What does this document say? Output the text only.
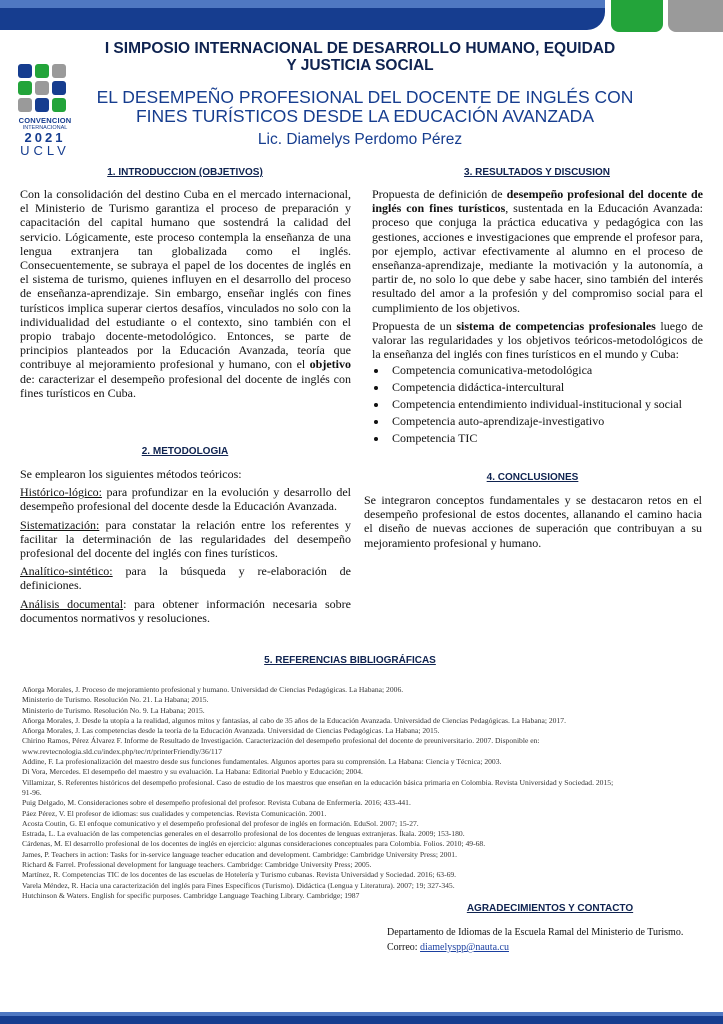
CONVENCION
INTERNACIONAL
2021
UCLV
I SIMPOSIO INTERNACIONAL DE DESARROLLO HUMANO, EQUIDAD Y JUSTICIA SOCIAL
EL DESEMPEÑO PROFESIONAL DEL DOCENTE DE INGLÉS CON FINES TURÍSTICOS DESDE LA EDUCACIÓN AVANZADA
Lic. Diamelys Perdomo Pérez
1. INTRODUCCION (OBJETIVOS)

Con la consolidación del destino Cuba en el mercado internacional, el Ministerio de Turismo garantiza el proceso de preparación y capacitación del capital humano que sostendrá la calidad del servicio. Lógicamente, este proceso contempla la enseñanza de una lengua extranjera tan globalizada como el inglés. Consecuentemente, se subraya el papel de los docentes de inglés en el sistema de turismo, quienes influyen en el desarrollo del proceso de enseñanza-aprendizaje. Sin embargo, enseñar inglés con fines turísticos implica superar ciertos desafíos, vinculados no solo con la individualidad del estudiante o el contexto, sino también con el propio trabajo docente-metodológico. Entonces, se parte de principios planteados por la Educación Avanzada, teoría que contribuye al mejoramiento profesional y humano, con el objetivo de: caracterizar el desempeño profesional del docente de inglés con fines turísticos en Cuba.

2. METODOLOGIA

Se emplearon los siguientes métodos teóricos:

Histórico-lógico: para profundizar en la evolución y desarrollo del desempeño profesional del docente desde la Educación Avanzada.

Sistematización: para constatar la relación entre los referentes y facilitar la determinación de las regularidades del desempeño profesional del docente del inglés con fines turísticos.

Analítico-sintético: para la búsqueda y re-elaboración de definiciones.

Análisis documental: para obtener información necesaria sobre documentos normativos y resoluciones.

3. RESULTADOS Y DISCUSION

Propuesta de definición de desempeño profesional del docente de inglés con fines turísticos, sustentada en la Educación Avanzada: proceso que conjuga la práctica educativa y pedagógica con las gestiones, acciones e investigaciones que emprende el profesor para, por ejemplo, activar efectivamente al alumno en el proceso de enseñanza-aprendizaje, mediante la motivación y la autonomía, a partir de, no solo lo que debe y sabe hacer, sino también del interés resultado del amor a la profesión y del compromiso social para el cumplimiento de los objetivos.

Propuesta de un sistema de competencias profesionales luego de valorar las regularidades y los objetivos teóricos-metodológicos de la enseñanza del inglés con fines turísticos en el mundo y Cuba:

• Competencia comunicativa-metodológica
• Competencia didáctica-intercultural
• Competencia entendimiento individual-institucional y social
• Competencia auto-aprendizaje-investigativo
• Competencia TIC
4. CONCLUSIONES
Se integraron conceptos fundamentales y se destacaron retos en el desempeño profesional de estos docentes, allanando el camino hacia el diseño de nuevas acciones de superación que contribuyan a su mejoramiento profesional y humano.
5. REFERENCIAS BIBLIOGRÁFICAS
Añorga Morales, J. Proceso de mejoramiento profesional y humano. Universidad de Ciencias Pedagógicas. La Habana; 2006.
Ministerio de Turismo. Resolución No. 21. La Habana; 2015.
Ministerio de Turismo. Resolución No. 9. La Habana; 2015.
Añorga Morales, J. Desde la utopía a la realidad, algunos mitos y fantasías, al cabo de 35 años de la Educación Avanzada. Universidad de Ciencias Pedagógicas. La Habana; 2017.
Añorga Morales, J. Las competencias desde la teoría de la Educación Avanzada. Universidad de Ciencias Pedagógicas. La Habana; 2015.
Chirino Ramos, Pérez Álvarez F. Informe de Resultado de Investigación. Caracterización del desempeño profesional del docente de preuniversitario. 2007. Disponible en:
www.revtecnologia.sld.cu/index.php/tec/rt/printerFriendly/36/117
Addine, F. La profesionalización del maestro desde sus funciones fundamentales. Algunos aportes para su comprensión. La Habana: Ciencia y Técnica; 2003.
Di Vora, Mercedes. El desempeño del maestro y su evaluación. La Habana: Editorial Pueblo y Educación; 2004.
Villamizar, S. Referentes históricos del desempeño profesional. Caso de estudio de los maestros que enseñan en la educación básica primaria en Colombia. Revista Universidad y Sociedad. 2015;
91-96.
Puig Delgado, M. Consideraciones sobre el desempeño profesional del profesor. Revista Cubana de Enfermería. 2016; 433-441.
Páez Pérez, V. El profesor de idiomas: sus cualidades y competencias. Revista Comunicación. 2001.
Acosta Coutin, G. El enfoque comunicativo y el desempeño profesional del profesor de inglés en formación. EduSol. 2007; 15-27.
Estrada, L. La evaluación de las competencias generales en el desarrollo profesional de los docentes de lenguas extranjeras. Íkala. 2009; 153-180.
Cárdenas, M. El desarrollo profesional de los docentes de inglés en ejercicio: algunas consideraciones conceptuales para Colombia. Folios. 2010; 49-68.
James, P. Teachers in action: Tasks for in-service language teacher education and development. Cambridge: Cambridge University Press; 2001.
Richard & Farrel. Professional development for language teachers. Cambridge: Cambridge University Press; 2005.
Martínez, R. Competencias TIC de los docentes de las escuelas de Hotelería y Turismo cubanas. Revista Universidad y Sociedad. 2016; 63-69.
Varela Méndez, R. Hacia una caracterización del inglés para Fines Específicos (Turismo). Didáctica (Lengua y Literatura). 2007; 19; 327-345.
Hutchinson & Waters. English for specific purposes. Cambridge Language Teaching Library. Cambridge; 1987
AGRADECIMIENTOS Y CONTACTO
Departamento de Idiomas de la Escuela Ramal del Ministerio de Turismo.
Correo: diamelyspp@nauta.cu
